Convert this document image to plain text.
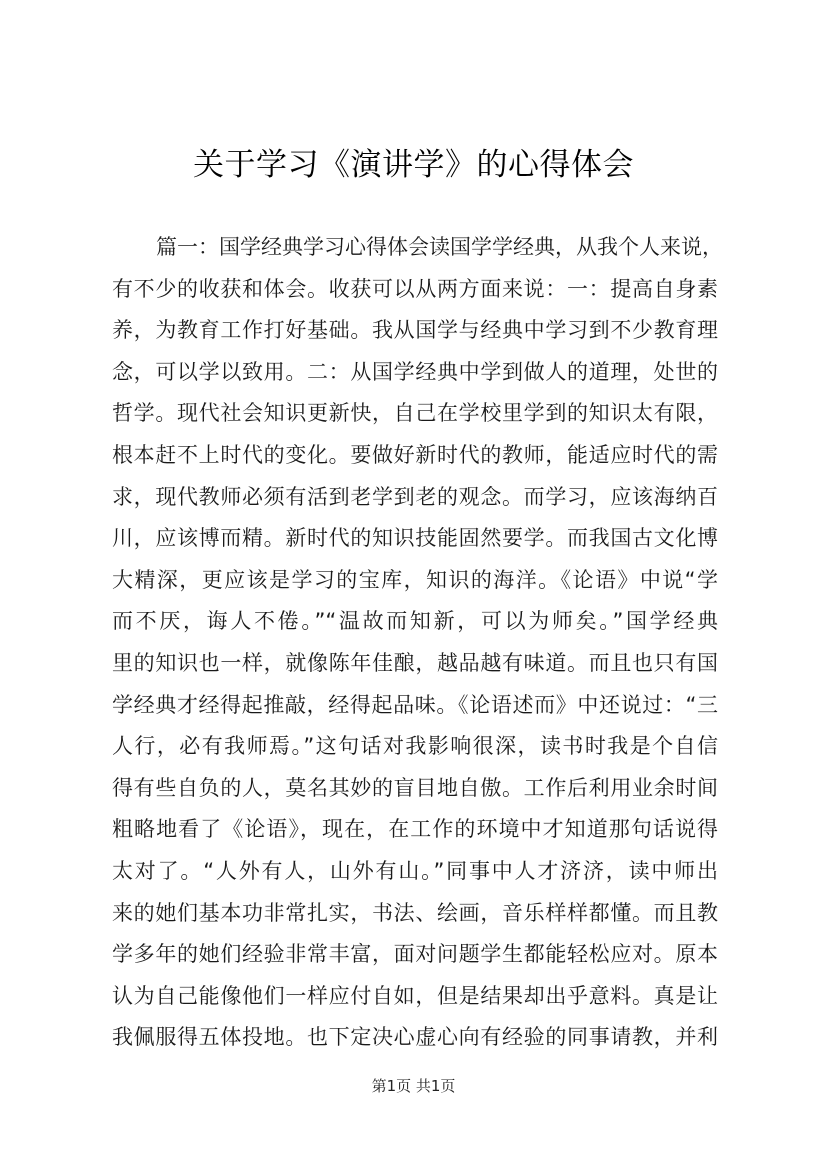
关于学习《演讲学》的心得体会
篇一：国学经典学习心得体会读国学学经典，从我个人来说，
有不少的收获和体会。收获可以从两方面来说：一：提高自身素
养，为教育工作打好基础。我从国学与经典中学习到不少教育理
念，可以学以致用。二：从国学经典中学到做人的道理，处世的
哲学。现代社会知识更新快，自己在学校里学到的知识太有限，
根本赶不上时代的变化。要做好新时代的教师，能适应时代的需
求，现代教师必须有活到老学到老的观念。而学习，应该海纳百
川，应该博而精。新时代的知识技能固然要学。而我国古文化博
大精深，更应该是学习的宝库，知识的海洋。《论语》中说“学
而不厌，诲人不倦。”“温故而知新，可以为师矣。”国学经典
里的知识也一样，就像陈年佳酿，越品越有味道。而且也只有国
学经典才经得起推敲，经得起品味。《论语述而》中还说过：“三
人行，必有我师焉。”这句话对我影响很深，读书时我是个自信
得有些自负的人，莫名其妙的盲目地自傲。工作后利用业余时间
粗略地看了《论语》，现在，在工作的环境中才知道那句话说得
太对了。“人外有人，山外有山。”同事中人才济济，读中师出
来的她们基本功非常扎实，书法、绘画，音乐样样都懂。而且教
学多年的她们经验非常丰富，面对问题学生都能轻松应对。原本
认为自己能像他们一样应付自如，但是结果却出乎意料。真是让
我佩服得五体投地。也下定决心虚心向有经验的同事请教，并利
第1页 共1页
